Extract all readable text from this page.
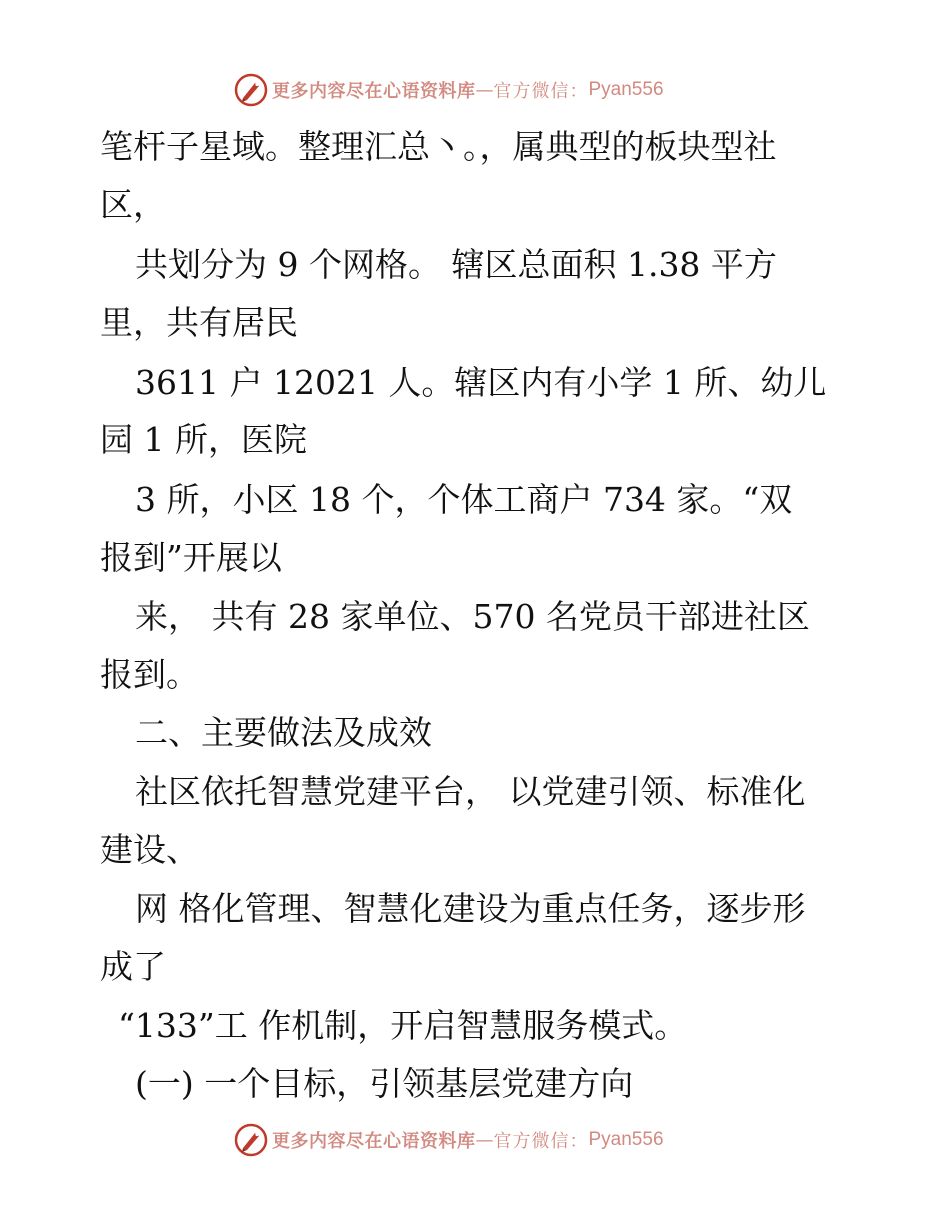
更多内容尽在心语资料库 — 官方微信： Pyan556
笔杆子星域。整理汇总丶。，属典型的板块型社
区，
共划分为 9 个网格。 辖区总面积 1.38 平方
里，共有居民
3611 户 12021 人。辖区内有小学 1 所、幼儿
园 1 所，医院
3 所，小区 18 个，个体工商户 734 家。“双
报到”开展以
来， 共有 28 家单位、570 名党员干部进社区
报到。
二、主要做法及成效
社区依托智慧党建平台， 以党建引领、标准化
建设、
网 格化管理、智慧化建设为重点任务，逐步形
成了
“133”工 作机制，开启智慧服务模式。
(一) 一个目标，引领基层党建方向
更多内容尽在心语资料库 — 官方微信： Pyan556
